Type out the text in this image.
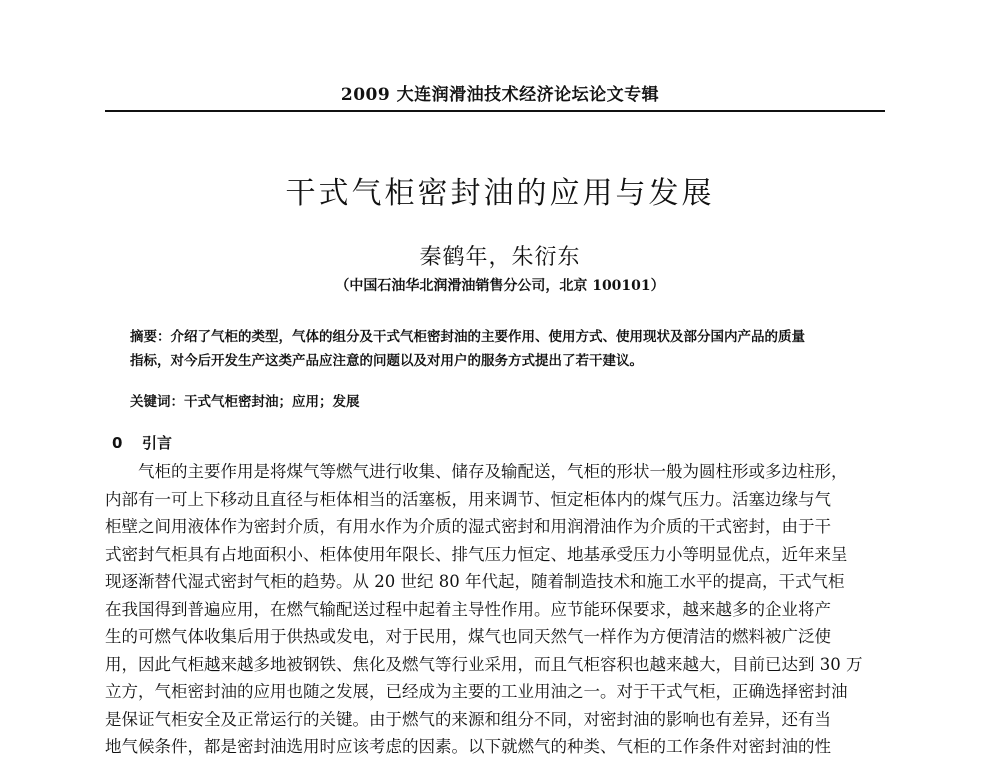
2009 大连润滑油技术经济论坛论文专辑
干式气柜密封油的应用与发展
秦鹤年，朱衍东
（中国石油华北润滑油销售分公司，北京 100101）
摘要：介绍了气柜的类型，气体的组分及干式气柜密封油的主要作用、使用方式、使用现状及部分国内产品的质量
指标，对今后开发生产这类产品应注意的问题以及对用户的服务方式提出了若干建议。
关键词：干式气柜密封油；应用；发展
0 引言
气柜的主要作用是将煤气等燃气进行收集、储存及输配送，气柜的形状一般为圆柱形或多边柱形，
内部有一可上下移动且直径与柜体相当的活塞板，用来调节、恒定柜体内的煤气压力。活塞边缘与气
柜壁之间用液体作为密封介质，有用水作为介质的湿式密封和用润滑油作为介质的干式密封，由于干
式密封气柜具有占地面积小、柜体使用年限长、排气压力恒定、地基承受压力小等明显优点，近年来呈
现逐渐替代湿式密封气柜的趋势。从 20 世纪 80 年代起，随着制造技术和施工水平的提高，干式气柜
在我国得到普遍应用，在燃气输配送过程中起着主导性作用。应节能环保要求，越来越多的企业将产
生的可燃气体收集后用于供热或发电，对于民用，煤气也同天然气一样作为方便清洁的燃料被广泛使
用，因此气柜越来越多地被钢铁、焦化及燃气等行业采用，而且气柜容积也越来越大，目前已达到 30 万
立方，气柜密封油的应用也随之发展，已经成为主要的工业用油之一。对于干式气柜，正确选择密封油
是保证气柜安全及正常运行的关键。由于燃气的来源和组分不同，对密封油的影响也有差异，还有当
地气候条件，都是密封油选用时应该考虑的因素。以下就燃气的种类、气柜的工作条件对密封油的性
